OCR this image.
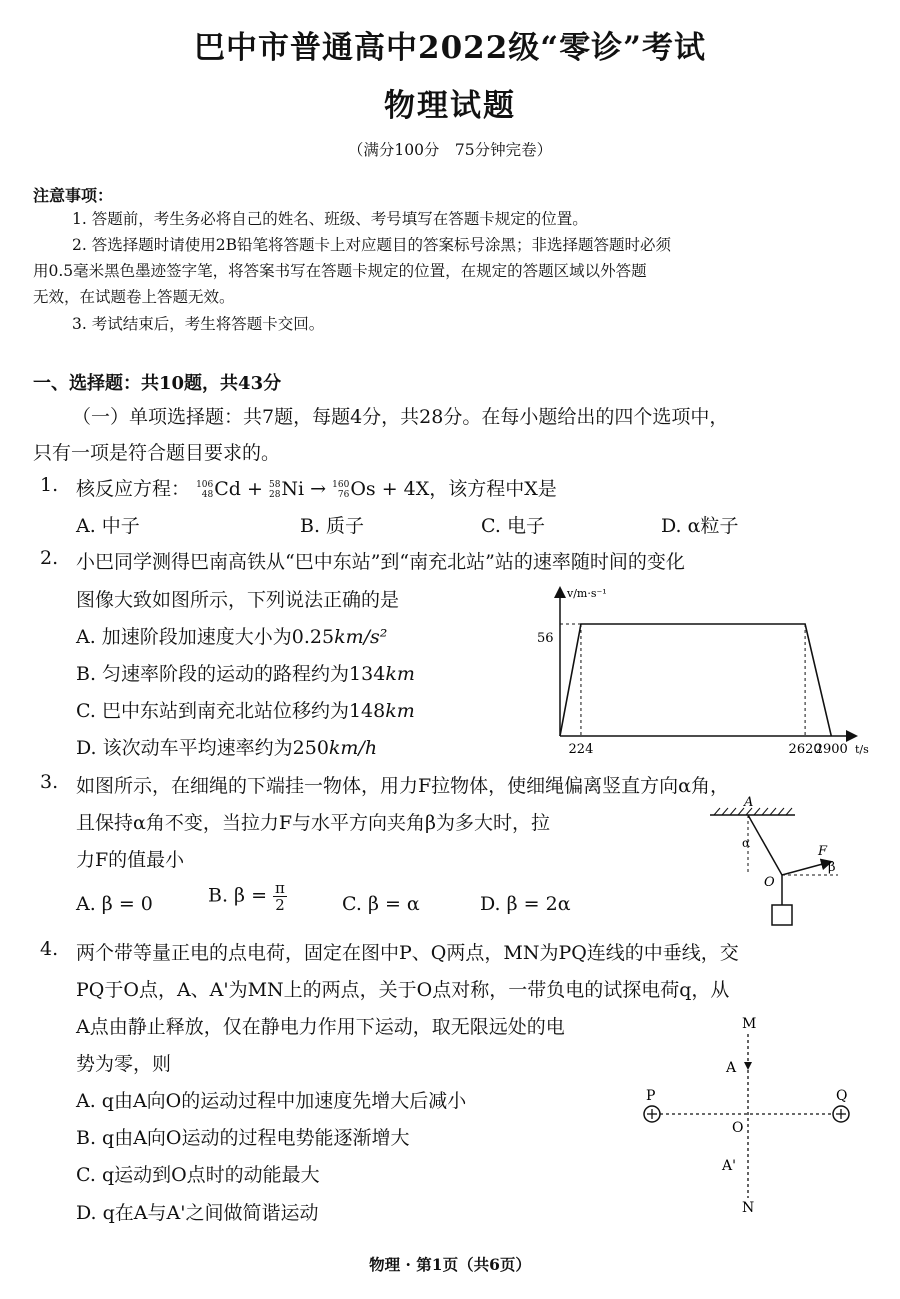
巴中市普通高中2022级“零诊”考试
物理试题
（满分100分　75分钟完卷）
注意事项：
1. 答题前，考生务必将自己的姓名、班级、考号填写在答题卡规定的位置。
2. 答选择题时请使用2B铅笔将答题卡上对应题目的答案标号涂黑；非选择题答题时必须
用0.5毫米黑色墨迹签字笔，将答案书写在答题卡规定的位置，在规定的答题区域以外答题
无效，在试题卷上答题无效。
3. 考试结束后，考生将答题卡交回。
一、选择题：共10题，共43分
（一）单项选择题：共7题，每题4分，共28分。在每小题给出的四个选项中，
只有一项是符合题目要求的。
1. 核反应方程： 106
48 Cd + 58
28 Ni → 160
76 Os + 4X，该方程中X是
A. 中子	B. 质子	C. 电子	D. α粒子
2. 小巴同学测得巴南高铁从“巴中东站”到“南充北站”站的速率随时间的变化
图像大致如图所示，下列说法正确的是
A. 加速阶段加速度大小为0.25km/s²
B. 匀速率阶段的运动的路程约为134km
C. 巴中东站到南充北站位移约为148km
D. 该次动车平均速率约为250km/h
v/m·s⁻¹
t/s
56
224	2620
2900
3. 如图所示，在细绳的下端挂一物体，用力F拉物体，使细绳偏离竖直方向α角，
且保持α角不变，当拉力F与水平方向夹角β为多大时，拉
力F的值最小
A. β = 0	B. $\beta = \frac{\pi}{2}$	C. β = α	D. β = 2α
A
α
F
β
O
4. 两个带等量正电的点电荷，固定在图中P、Q两点，MN为PQ连线的中垂线，交
PQ于O点，A、A'为MN上的两点，关于O点对称，一带负电的试探电荷q，从
A点由静止释放，仅在静电力作用下运动，取无限远处的电
势为零，则
A. q由A向O的运动过程中加速度先增大后减小
B. q由A向O运动的过程电势能逐渐增大
C. q运动到O点时的动能最大
D. q在A与A'之间做简谐运动
M
A
P	Q
O
A'
N
物理 · 第1页（共6页）
